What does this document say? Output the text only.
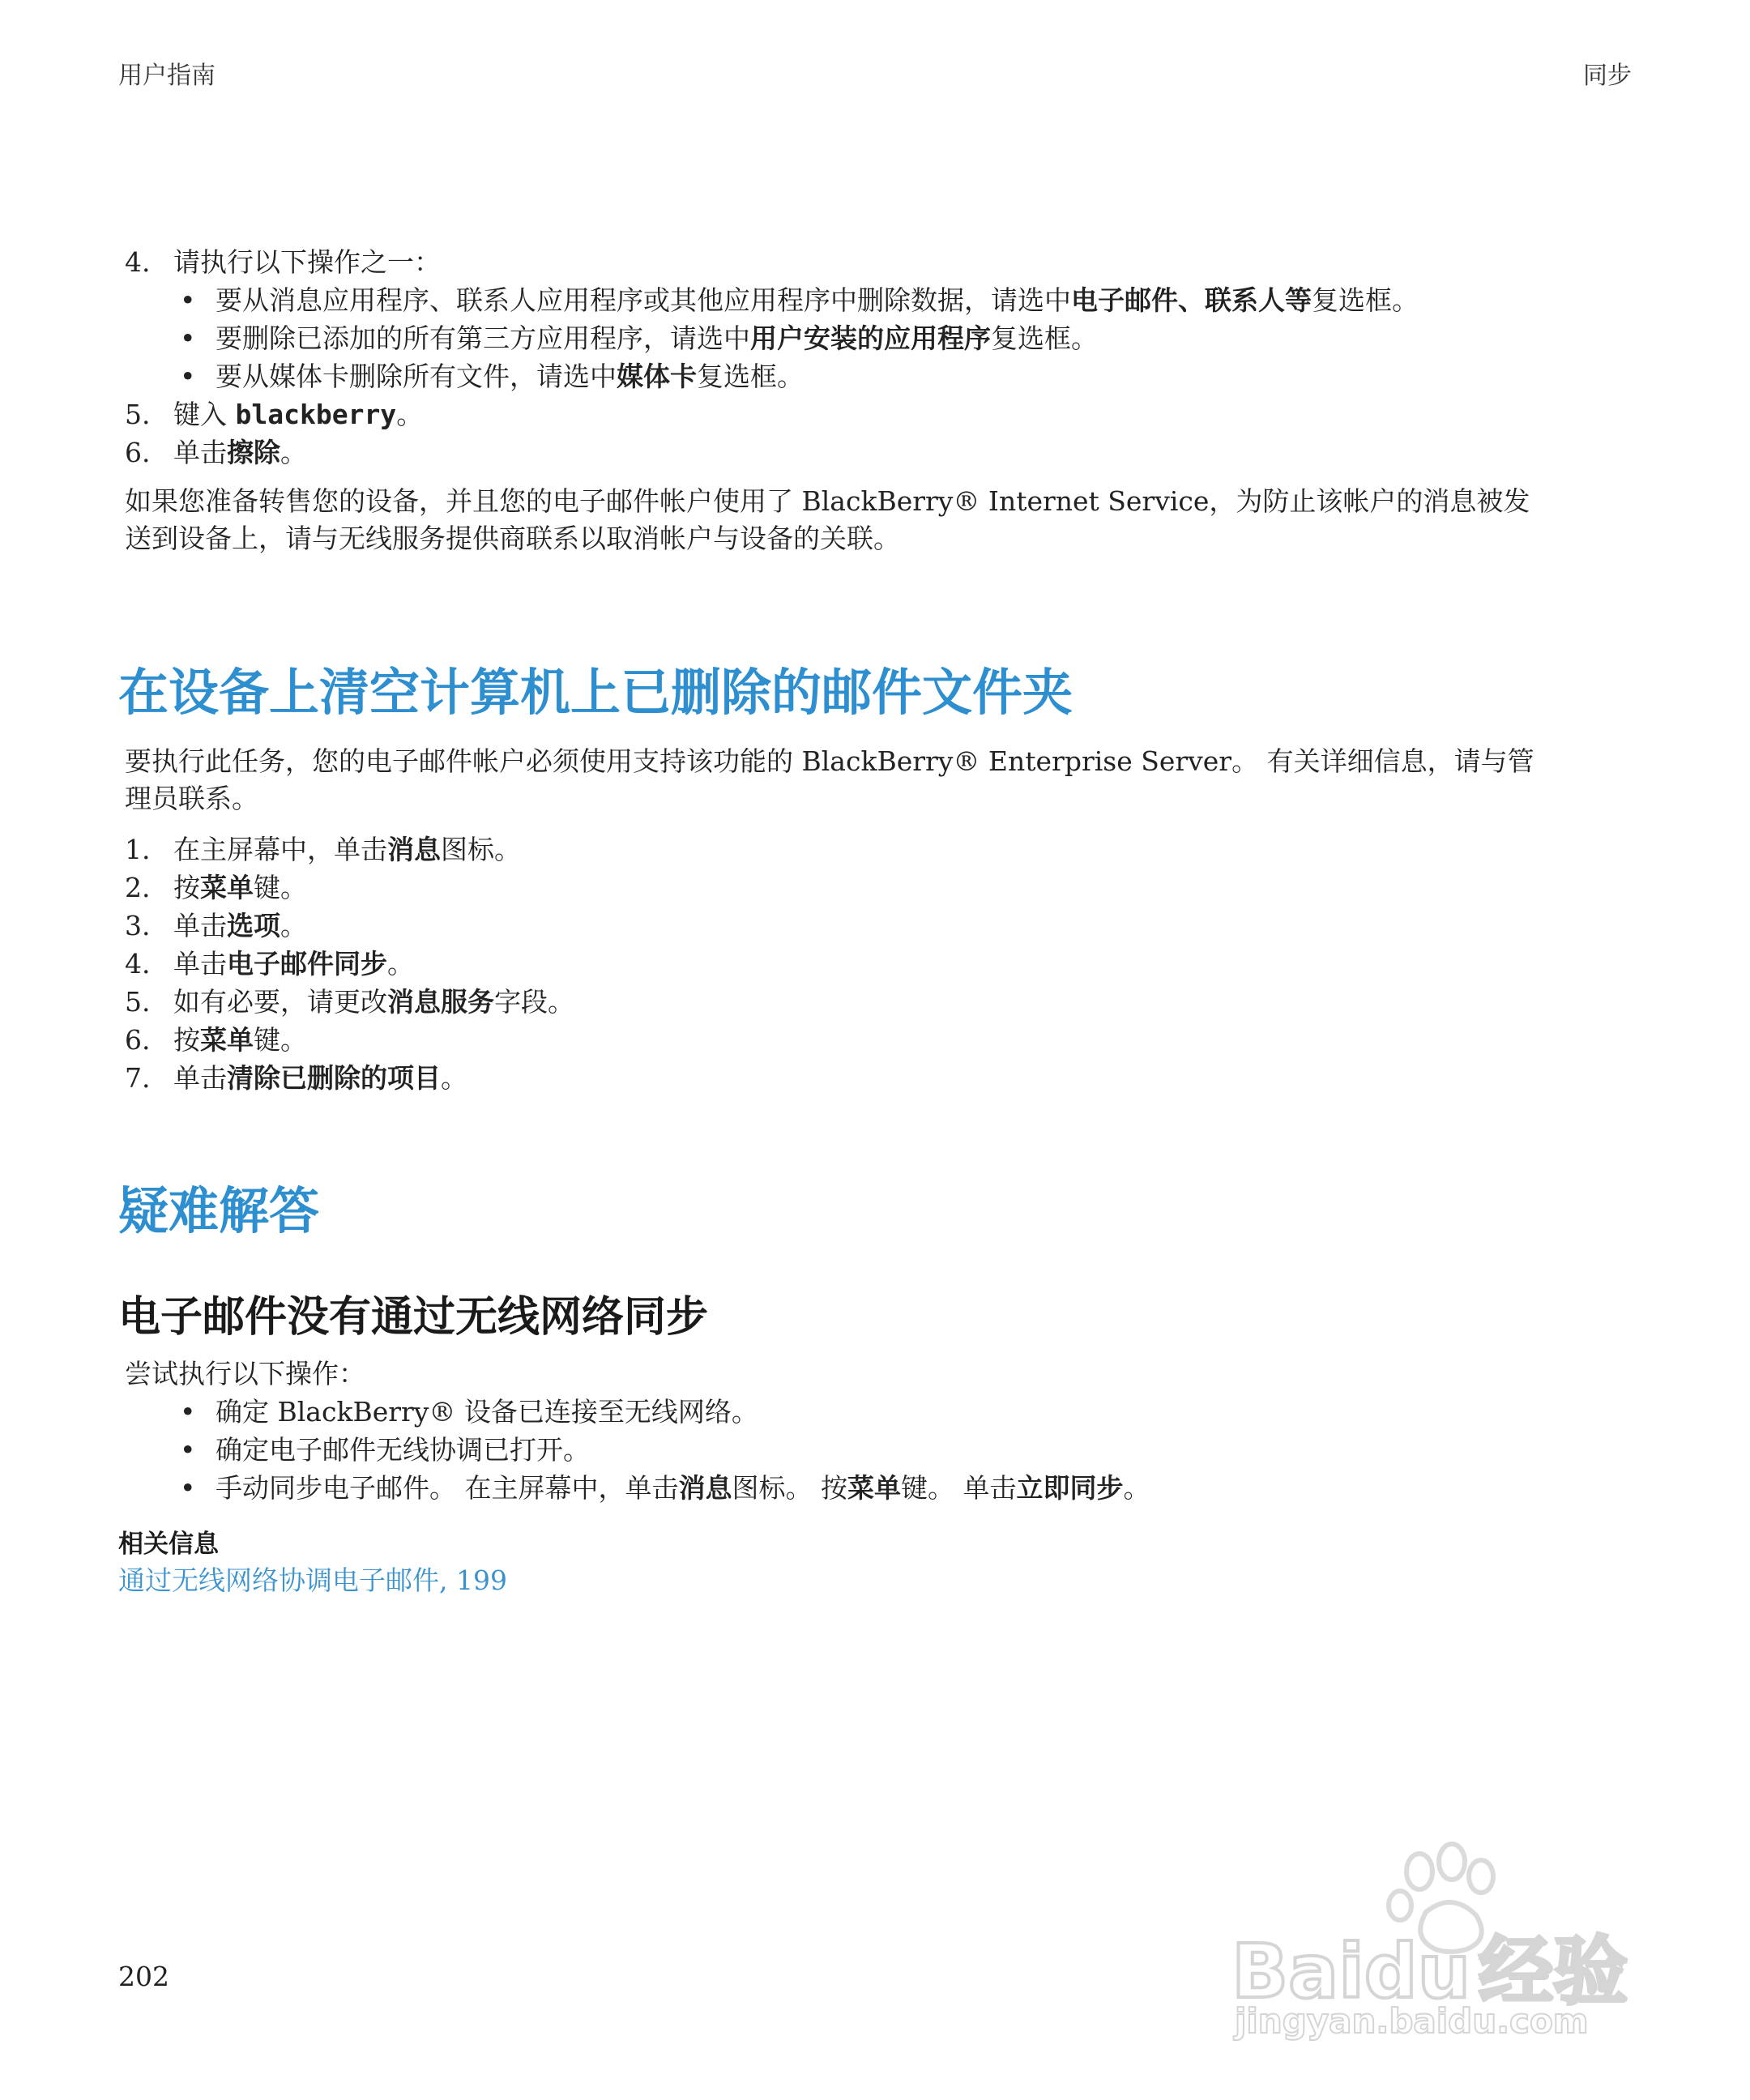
用户指南	同步
4. 请执行以下操作之一：
• 要从消息应用程序、联系人应用程序或其他应用程序中删除数据，请选中电子邮件、联系人等复选框。
• 要删除已添加的所有第三方应用程序，请选中用户安装的应用程序复选框。
• 要从媒体卡删除所有文件，请选中媒体卡复选框。
5. 键入 blackberry。
6. 单击擦除。
如果您准备转售您的设备，并且您的电子邮件帐户使用了 BlackBerry® Internet Service，为防止该帐户的消息被发
送到设备上，请与无线服务提供商联系以取消帐户与设备的关联。
在设备上清空计算机上已删除的邮件文件夹
要执行此任务，您的电子邮件帐户必须使用支持该功能的 BlackBerry® Enterprise Server。 有关详细信息，请与管
理员联系。
1. 在主屏幕中，单击消息图标。
2. 按菜单键。
3. 单击选项。
4. 单击电子邮件同步。
5. 如有必要，请更改消息服务字段。
6. 按菜单键。
7. 单击清除已删除的项目。
疑难解答
电子邮件没有通过无线网络同步
尝试执行以下操作：
• 确定 BlackBerry® 设备已连接至无线网络。
• 确定电子邮件无线协调已打开。
• 手动同步电子邮件。 在主屏幕中，单击消息图标。 按菜单键。 单击立即同步。
相关信息
通过无线网络协调电子邮件, 199
202	Baidu 经验
jingyan.baidu.com
